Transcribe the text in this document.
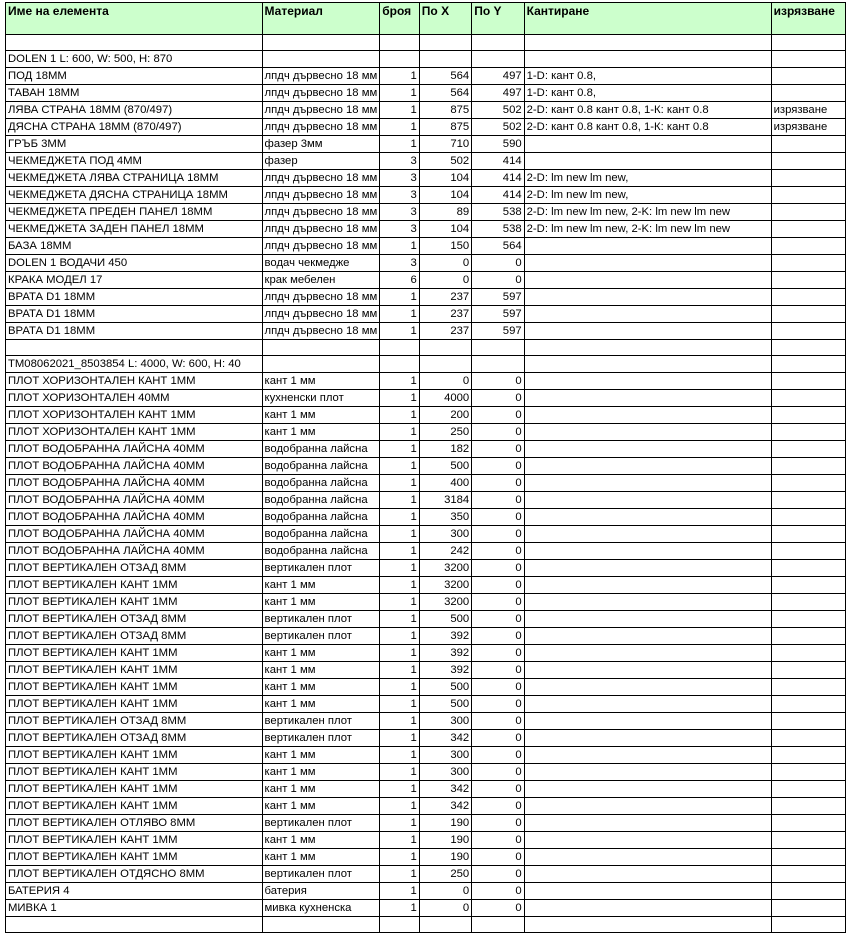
Име на елемента	Материал	броя	По X	По Y	Кантиране	изрязване

DOLEN 1 L: 600, W: 500, H: 870						
ПОД 18ММ	лпдч дървесно 18 мм	1	564	497	1-D: кант 0.8,	
ТАВАН 18ММ	лпдч дървесно 18 мм	1	564	497	1-D: кант 0.8,	
ЛЯВА СТРАНА 18ММ (870/497)	лпдч дървесно 18 мм	1	875	502	2-D: кант 0.8 кант 0.8, 1-К: кант 0.8	изрязване
ДЯСНА СТРАНА 18ММ (870/497)	лпдч дървесно 18 мм	1	875	502	2-D: кант 0.8 кант 0.8, 1-К: кант 0.8	изрязване
ГРЪБ 3ММ	фазер 3мм	1	710	590		
ЧЕКМЕДЖЕТА ПОД 4ММ	фазер	3	502	414		
ЧЕКМЕДЖЕТА ЛЯВА СТРАНИЦА 18ММ	лпдч дървесно 18 мм	3	104	414	2-D: lm new lm new,	
ЧЕКМЕДЖЕТА ДЯСНА СТРАНИЦА 18ММ	лпдч дървесно 18 мм	3	104	414	2-D: lm new lm new,	
ЧЕКМЕДЖЕТА ПРЕДЕН ПАНЕЛ 18ММ	лпдч дървесно 18 мм	3	89	538	2-D: lm new lm new, 2-K: lm new lm new	
ЧЕКМЕДЖЕТА ЗАДЕН ПАНЕЛ 18ММ	лпдч дървесно 18 мм	3	104	538	2-D: lm new lm new, 2-K: lm new lm new	
БАЗА 18ММ	лпдч дървесно 18 мм	1	150	564		
DOLEN 1 ВОДАЧИ 450	водач чекмедже	3	0	0		
КРАКА МОДЕЛ 17	крак мебелен	6	0	0		
ВРАТА D1 18ММ	лпдч дървесно 18 мм	1	237	597		
ВРАТА D1 18ММ	лпдч дървесно 18 мм	1	237	597		
ВРАТА D1 18ММ	лпдч дървесно 18 мм	1	237	597		

TM08062021_8503854 L: 4000, W: 600, H: 40						
ПЛОТ ХОРИЗОНТАЛЕН КАНТ 1ММ	кант 1 мм	1	0	0		
ПЛОТ ХОРИЗОНТАЛЕН 40ММ	кухненски плот	1	4000	0		
ПЛОТ ХОРИЗОНТАЛЕН КАНТ 1ММ	кант 1 мм	1	200	0		
ПЛОТ ХОРИЗОНТАЛЕН КАНТ 1ММ	кант 1 мм	1	250	0		
ПЛОТ ВОДОБРАННА ЛАЙСНА 40ММ	водобранна лайсна	1	182	0		
ПЛОТ ВОДОБРАННА ЛАЙСНА 40ММ	водобранна лайсна	1	500	0		
ПЛОТ ВОДОБРАННА ЛАЙСНА 40ММ	водобранна лайсна	1	400	0		
ПЛОТ ВОДОБРАННА ЛАЙСНА 40ММ	водобранна лайсна	1	3184	0		
ПЛОТ ВОДОБРАННА ЛАЙСНА 40ММ	водобранна лайсна	1	350	0		
ПЛОТ ВОДОБРАННА ЛАЙСНА 40ММ	водобранна лайсна	1	300	0		
ПЛОТ ВОДОБРАННА ЛАЙСНА 40ММ	водобранна лайсна	1	242	0		
ПЛОТ ВЕРТИКАЛЕН ОТЗАД 8ММ	вертикален плот	1	3200	0		
ПЛОТ ВЕРТИКАЛЕН КАНТ 1ММ	кант 1 мм	1	3200	0		
ПЛОТ ВЕРТИКАЛЕН КАНТ 1ММ	кант 1 мм	1	3200	0		
ПЛОТ ВЕРТИКАЛЕН ОТЗАД 8ММ	вертикален плот	1	500	0		
ПЛОТ ВЕРТИКАЛЕН ОТЗАД 8ММ	вертикален плот	1	392	0		
ПЛОТ ВЕРТИКАЛЕН КАНТ 1ММ	кант 1 мм	1	392	0		
ПЛОТ ВЕРТИКАЛЕН КАНТ 1ММ	кант 1 мм	1	392	0		
ПЛОТ ВЕРТИКАЛЕН КАНТ 1ММ	кант 1 мм	1	500	0		
ПЛОТ ВЕРТИКАЛЕН КАНТ 1ММ	кант 1 мм	1	500	0		
ПЛОТ ВЕРТИКАЛЕН ОТЗАД 8ММ	вертикален плот	1	300	0		
ПЛОТ ВЕРТИКАЛЕН ОТЗАД 8ММ	вертикален плот	1	342	0		
ПЛОТ ВЕРТИКАЛЕН КАНТ 1ММ	кант 1 мм	1	300	0		
ПЛОТ ВЕРТИКАЛЕН КАНТ 1ММ	кант 1 мм	1	300	0		
ПЛОТ ВЕРТИКАЛЕН КАНТ 1ММ	кант 1 мм	1	342	0		
ПЛОТ ВЕРТИКАЛЕН КАНТ 1ММ	кант 1 мм	1	342	0		
ПЛОТ ВЕРТИКАЛЕН ОТЛЯВО 8ММ	вертикален плот	1	190	0		
ПЛОТ ВЕРТИКАЛЕН КАНТ 1ММ	кант 1 мм	1	190	0		
ПЛОТ ВЕРТИКАЛЕН КАНТ 1ММ	кант 1 мм	1	190	0		
ПЛОТ ВЕРТИКАЛЕН ОТДЯСНО 8ММ	вертикален плот	1	250	0		
БАТЕРИЯ 4	батерия	1	0	0		
МИВКА 1	мивка кухненска	1	0	0		
